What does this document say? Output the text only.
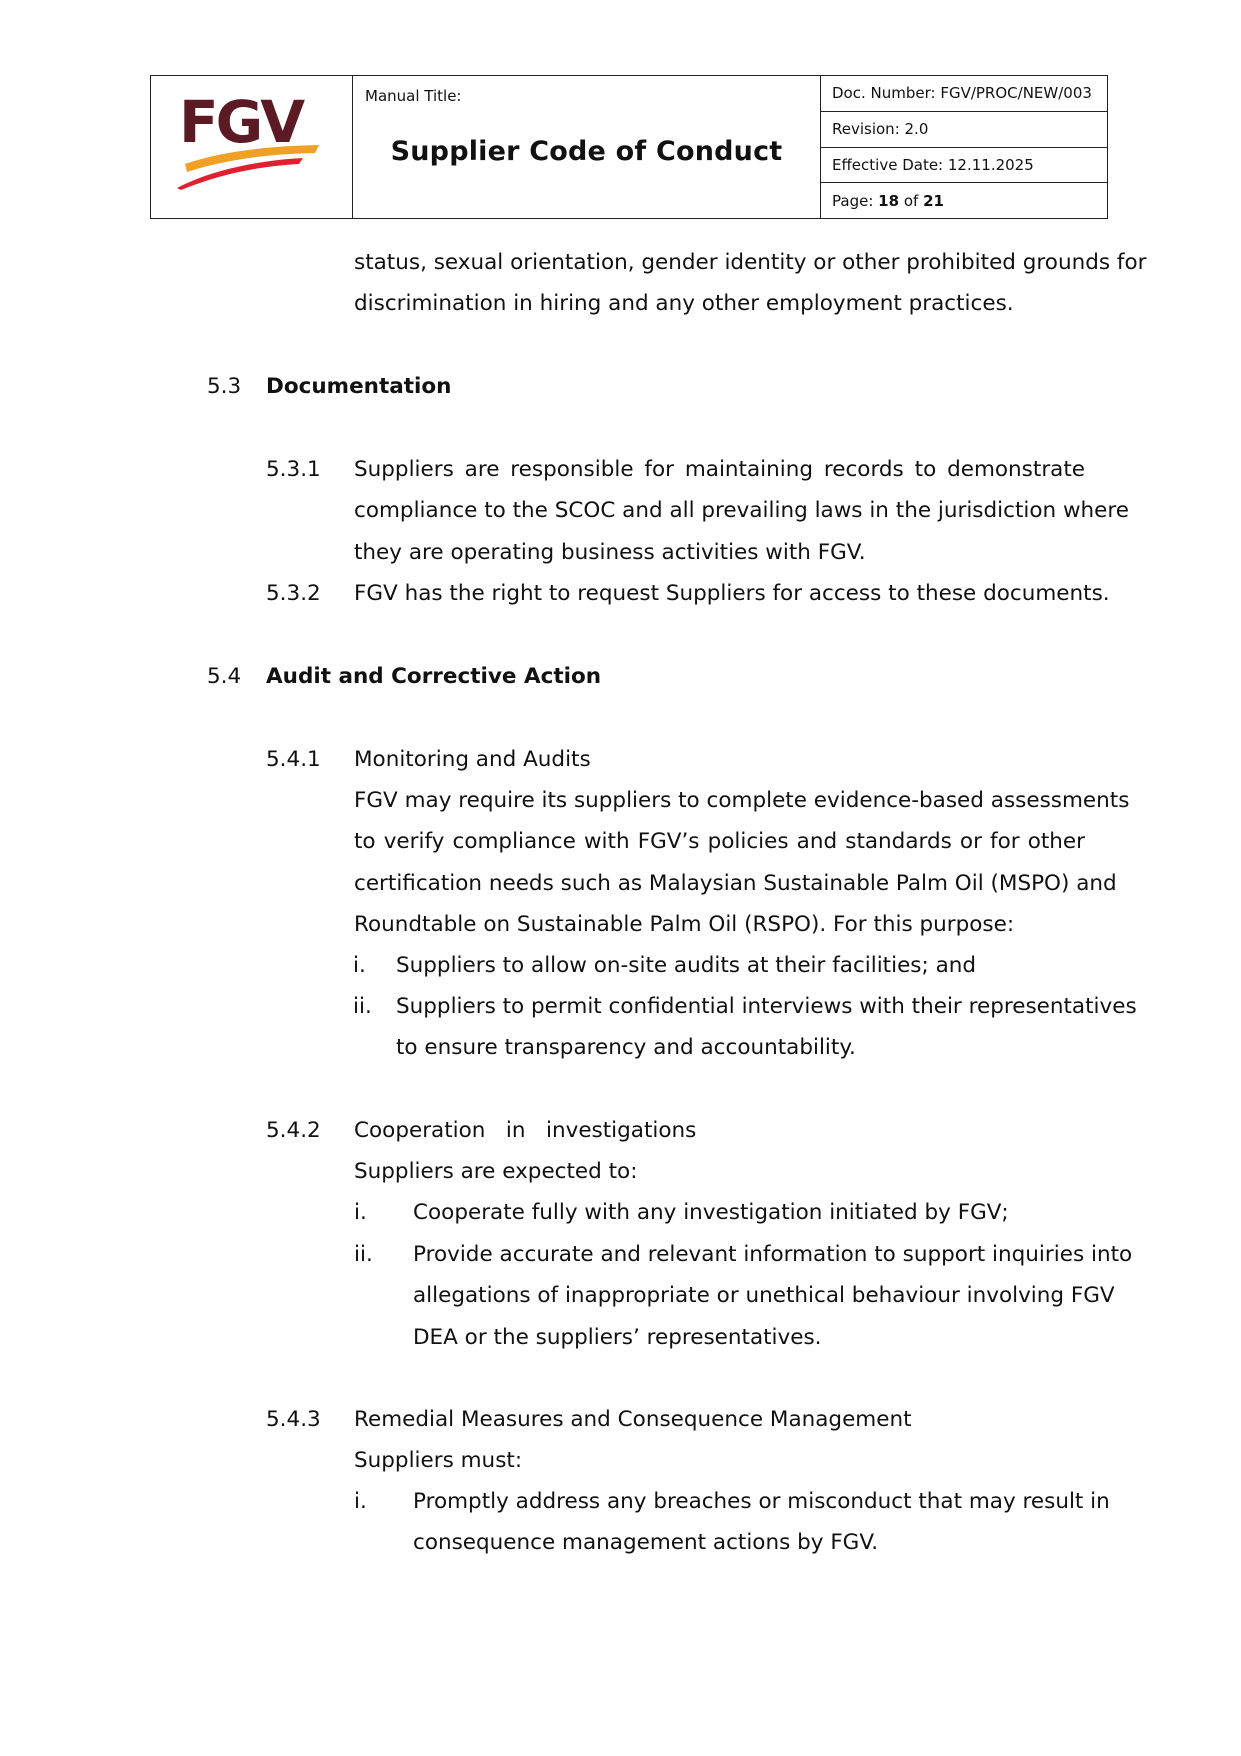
FGV	Manual Title:
Supplier Code of Conduct
Doc. Number: FGV/PROC/NEW/003
Revision: 2.0
Effective Date: 12.11.2025
Page:
18
of
21
status, sexual orientation, gender identity or other prohibited grounds for
discrimination in hiring and any other employment practices.
5.3 Documentation
5.3.1 Suppliers are responsible for maintaining records to demonstrate
compliance to the SCOC and all prevailing laws in the jurisdiction where
they are operating business activities with FGV.
5.3.2 FGV has the right to request Suppliers for access to these documents.
5.4 Audit and Corrective Action
5.4.1 Monitoring and Audits
FGV may require its suppliers to complete evidence-based assessments
to verify compliance with FGV’s policies and standards or for other
certification needs such as Malaysian Sustainable Palm Oil (MSPO) and
Roundtable on Sustainable Palm Oil (RSPO). For this purpose:
i. Suppliers to allow on-site audits at their facilities; and
ii. Suppliers to permit confidential interviews with their representatives
to ensure transparency and accountability.
5.4.2 Cooperation   in   investigations
Suppliers are expected to:
i. Cooperate fully with any investigation initiated by FGV;
ii. Provide accurate and relevant information to support inquiries into
allegations of inappropriate or unethical behaviour involving FGV
DEA or the suppliers’ representatives.
5.4.3 Remedial Measures and Consequence Management
Suppliers must:
i. Promptly address any breaches or misconduct that may result in
consequence management actions by FGV.
